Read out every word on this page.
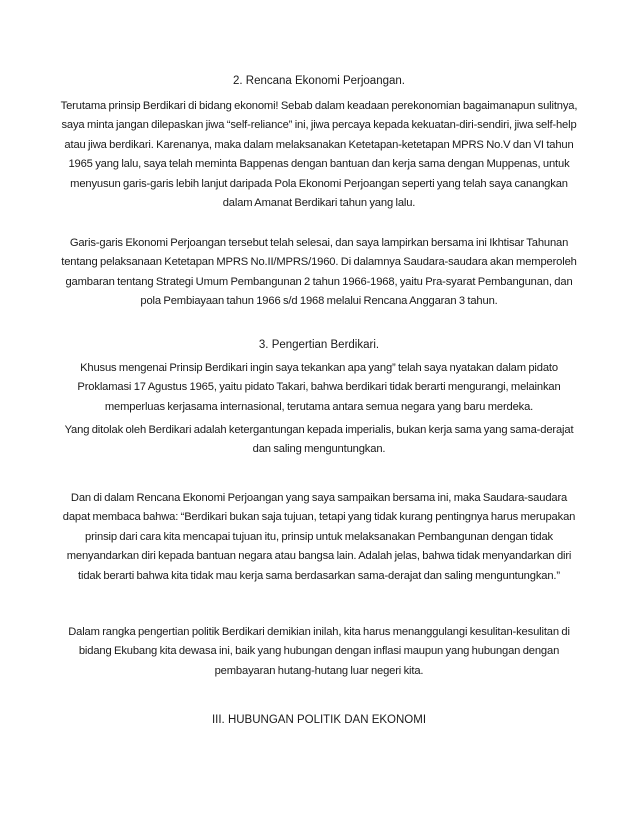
2. Rencana Ekonomi Perjoangan.

Terutama prinsip Berdikari di bidang ekonomi! Sebab dalam keadaan perekonomian bagaimanapun sulitnya, saya minta jangan dilepaskan jiwa “self-reliance” ini, jiwa percaya kepada kekuatan-diri-sendiri, jiwa self-help atau jiwa berdikari. Karenanya, maka dalam melaksanakan Ketetapan-ketetapan MPRS No.V dan VI tahun 1965 yang lalu, saya telah meminta Bappenas dengan bantuan dan kerja sama dengan Muppenas, untuk menyusun garis-garis lebih lanjut daripada Pola Ekonomi Perjoangan seperti yang telah saya canangkan dalam Amanat Berdikari tahun yang lalu.

Garis-garis Ekonomi Perjoangan tersebut telah selesai, dan saya lampirkan bersama ini Ikhtisar Tahunan tentang pelaksanaan Ketetapan MPRS No.II/MPRS/1960. Di dalamnya Saudara-saudara akan memperoleh gambaran tentang Strategi Umum Pembangunan 2 tahun 1966-1968, yaitu Pra-syarat Pembangunan, dan pola Pembiayaan tahun 1966 s/d 1968 melalui Rencana Anggaran 3 tahun.

3. Pengertian Berdikari.

Khusus mengenai Prinsip Berdikari ingin saya tekankan apa yang” telah saya nyatakan dalam pidato Proklamasi 17 Agustus 1965, yaitu pidato Takari, bahwa berdikari tidak berarti mengurangi, melainkan memperluas kerjasama internasional, terutama antara semua negara yang baru merdeka.

Yang ditolak oleh Berdikari adalah ketergantungan kepada imperialis, bukan kerja sama yang sama-derajat dan saling menguntungkan.

Dan di dalam Rencana Ekonomi Perjoangan yang saya sampaikan bersama ini, maka Saudara-saudara dapat membaca bahwa: “Berdikari bukan saja tujuan, tetapi yang tidak kurang pentingnya harus merupakan prinsip dari cara kita mencapai tujuan itu, prinsip untuk melaksanakan Pembangunan dengan tidak menyandarkan diri kepada bantuan negara atau bangsa lain. Adalah jelas, bahwa tidak menyandarkan diri tidak berarti bahwa kita tidak mau kerja sama berdasarkan sama-derajat dan saling menguntungkan.”

Dalam rangka pengertian politik Berdikari demikian inilah, kita harus menanggulangi kesulitan-kesulitan di bidang Ekubang kita dewasa ini, baik yang hubungan dengan inflasi maupun yang hubungan dengan pembayaran hutang-hutang luar negeri kita.

III. HUBUNGAN POLITIK DAN EKONOMI
